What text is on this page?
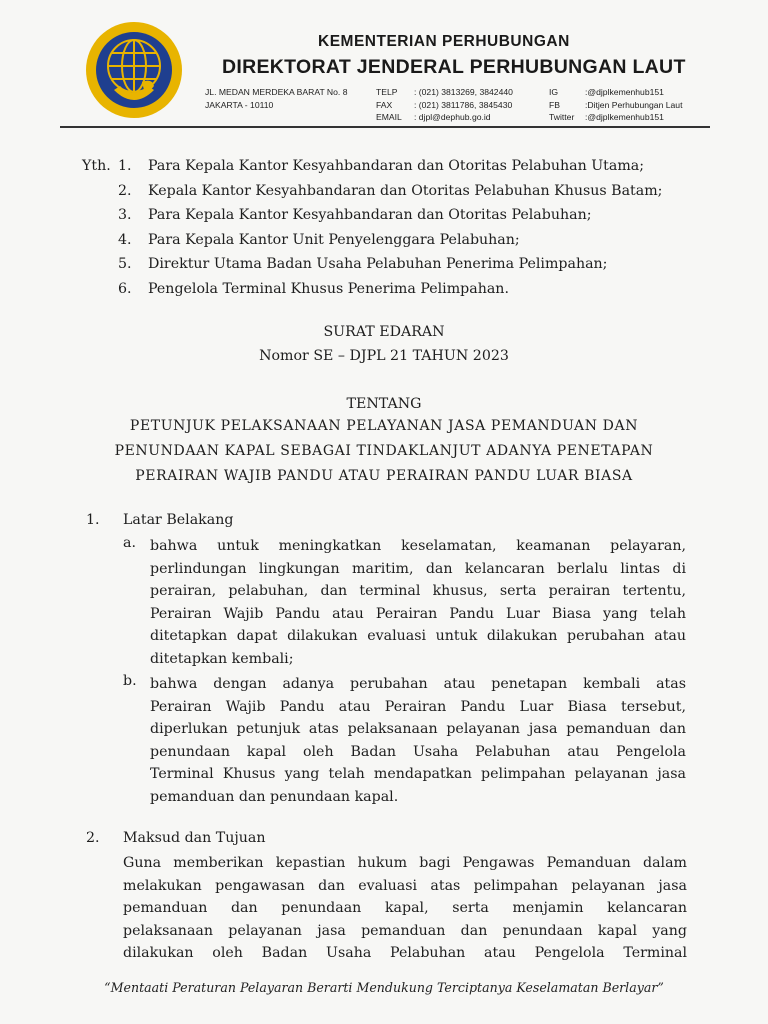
KEMENTERIAN PERHUBUNGAN
DIREKTORAT JENDERAL PERHUBUNGAN LAUT
JL. MEDAN MERDEKA BARAT No. 8
JAKARTA - 10110
TELP
FAX
EMAIL
: (021) 3813269, 3842440
: (021) 3811786, 3845430
: djpl@dephub.go.id
IG
FB
Twitter
:@djplkemenhub151
:Ditjen Perhubungan Laut
:@djplkemenhub151
Yth. 1. Para Kepala Kantor Kesyahbandaran dan Otoritas Pelabuhan Utama;
2. Kepala Kantor Kesyahbandaran dan Otoritas Pelabuhan Khusus Batam;
3. Para Kepala Kantor Kesyahbandaran dan Otoritas Pelabuhan;
4. Para Kepala Kantor Unit Penyelenggara Pelabuhan;
5. Direktur Utama Badan Usaha Pelabuhan Penerima Pelimpahan;
6. Pengelola Terminal Khusus Penerima Pelimpahan.
SURAT EDARAN
Nomor SE – DJPL 21 TAHUN 2023
TENTANG
PETUNJUK PELAKSANAAN PELAYANAN JASA PEMANDUAN DAN
PENUNDAAN KAPAL SEBAGAI TINDAKLANJUT ADANYA PENETAPAN
PERAIRAN WAJIB PANDU ATAU PERAIRAN PANDU LUAR BIASA
1. Latar Belakang
a. bahwa untuk meningkatkan keselamatan, keamanan pelayaran,
perlindungan lingkungan maritim, dan kelancaran berlalu lintas di
perairan, pelabuhan, dan terminal khusus, serta perairan tertentu,
Perairan Wajib Pandu atau Perairan Pandu Luar Biasa yang telah
ditetapkan dapat dilakukan evaluasi untuk dilakukan perubahan atau
ditetapkan kembali;
b. bahwa dengan adanya perubahan atau penetapan kembali atas
Perairan Wajib Pandu atau Perairan Pandu Luar Biasa tersebut,
diperlukan petunjuk atas pelaksanaan pelayanan jasa pemanduan dan
penundaan kapal oleh Badan Usaha Pelabuhan atau Pengelola
Terminal Khusus yang telah mendapatkan pelimpahan pelayanan jasa
pemanduan dan penundaan kapal.
2. Maksud dan Tujuan
Guna memberikan kepastian hukum bagi Pengawas Pemanduan dalam
melakukan pengawasan dan evaluasi atas pelimpahan pelayanan jasa
pemanduan dan penundaan kapal, serta menjamin kelancaran
pelaksanaan pelayanan jasa pemanduan dan penundaan kapal yang
dilakukan oleh Badan Usaha Pelabuhan atau Pengelola Terminal
“Mentaati Peraturan Pelayaran Berarti Mendukung Terciptanya Keselamatan Berlayar”
